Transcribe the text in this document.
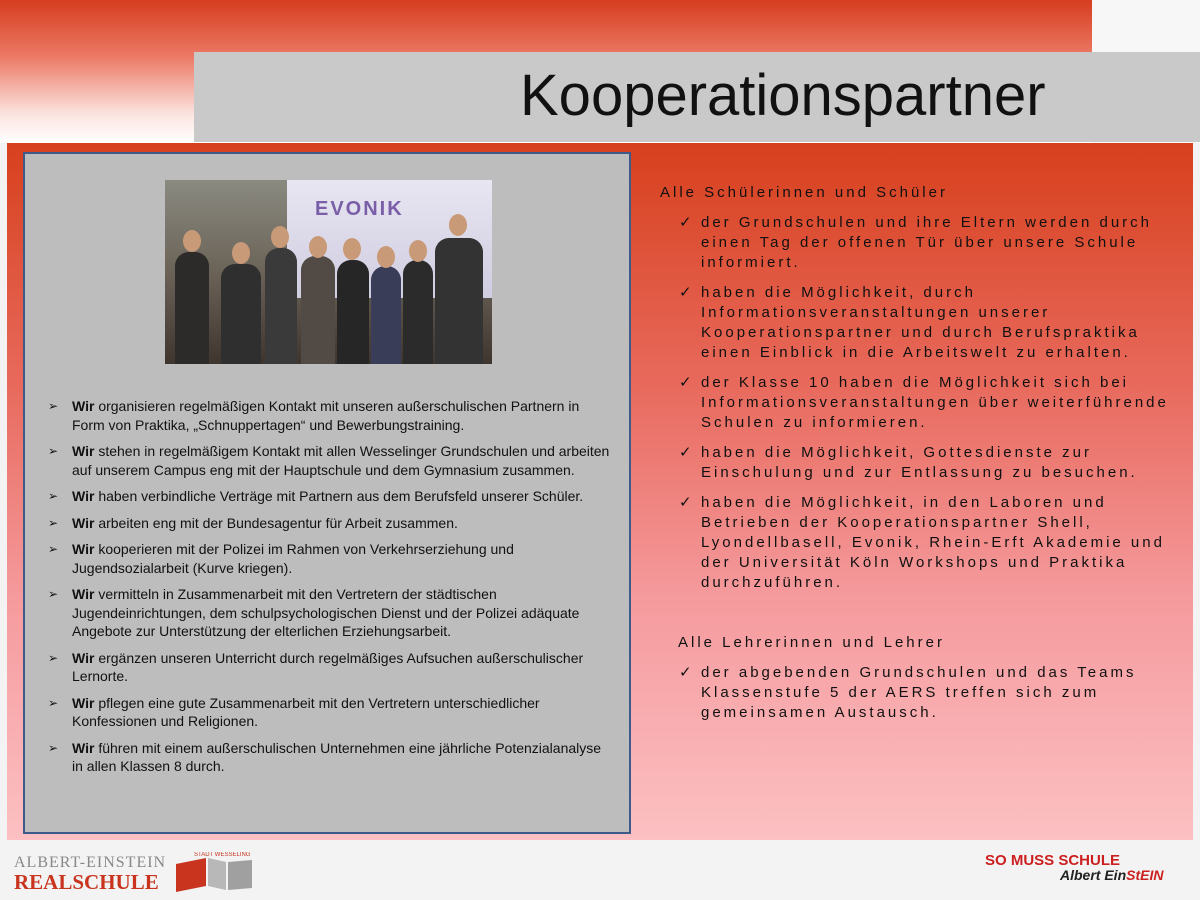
Kooperationspartner
EVONIK
➢ Wir organisieren regelmäßigen Kontakt mit unseren außerschulischen Partnern in Form von Praktika, „Schnuppertagen“ und Bewerbungstraining.
➢ Wir stehen in regelmäßigem Kontakt mit allen Wesselinger Grundschulen und arbeiten auf unserem Campus eng mit der Hauptschule und dem Gymnasium zusammen.
➢ Wir haben verbindliche Verträge mit Partnern aus dem Berufsfeld unserer Schüler.
➢ Wir arbeiten eng mit der Bundesagentur für Arbeit zusammen.
➢ Wir kooperieren mit der Polizei im Rahmen von Verkehrserziehung und Jugendsozialarbeit (Kurve kriegen).
➢ Wir vermitteln in Zusammenarbeit mit den Vertretern der städtischen Jugendeinrichtungen, dem schulpsychologischen Dienst und der Polizei adäquate Angebote zur Unterstützung der elterlichen Erziehungsarbeit.
➢ Wir ergänzen unseren Unterricht durch regelmäßiges Aufsuchen außerschulischer Lernorte.
➢ Wir pflegen eine gute Zusammenarbeit mit den Vertretern unterschiedlicher Konfessionen und Religionen.
➢ Wir führen mit einem außerschulischen Unternehmen eine jährliche Potenzialanalyse in allen Klassen 8 durch.
Alle Schülerinnen und Schüler
✓ der Grundschulen und ihre Eltern werden durch einen Tag der offenen Tür über unsere Schule informiert.
✓ haben die Möglichkeit, durch Informationsveranstaltungen unserer Kooperationspartner und durch Berufspraktika einen Einblick in die Arbeitswelt zu erhalten.
✓ der Klasse 10 haben die Möglichkeit sich bei Informationsveranstaltungen über weiterführende Schulen zu informieren.
✓ haben die Möglichkeit, Gottesdienste zur Einschulung und zur Entlassung zu besuchen.
✓ haben die Möglichkeit, in den Laboren und Betrieben der Kooperationspartner Shell, Lyondellbasell, Evonik, Rhein-Erft Akademie und der Universität Köln Workshops und Praktika durchzuführen.
Alle Lehrerinnen und Lehrer
✓ der abgebenden Grundschulen und das Teams Klassenstufe 5 der AERS treffen sich zum gemeinsamen Austausch.
ALBERT-EINSTEIN
REALSCHULE
STADT WESSELING	SO MUSS SCHULE
Albert EinStEIN
